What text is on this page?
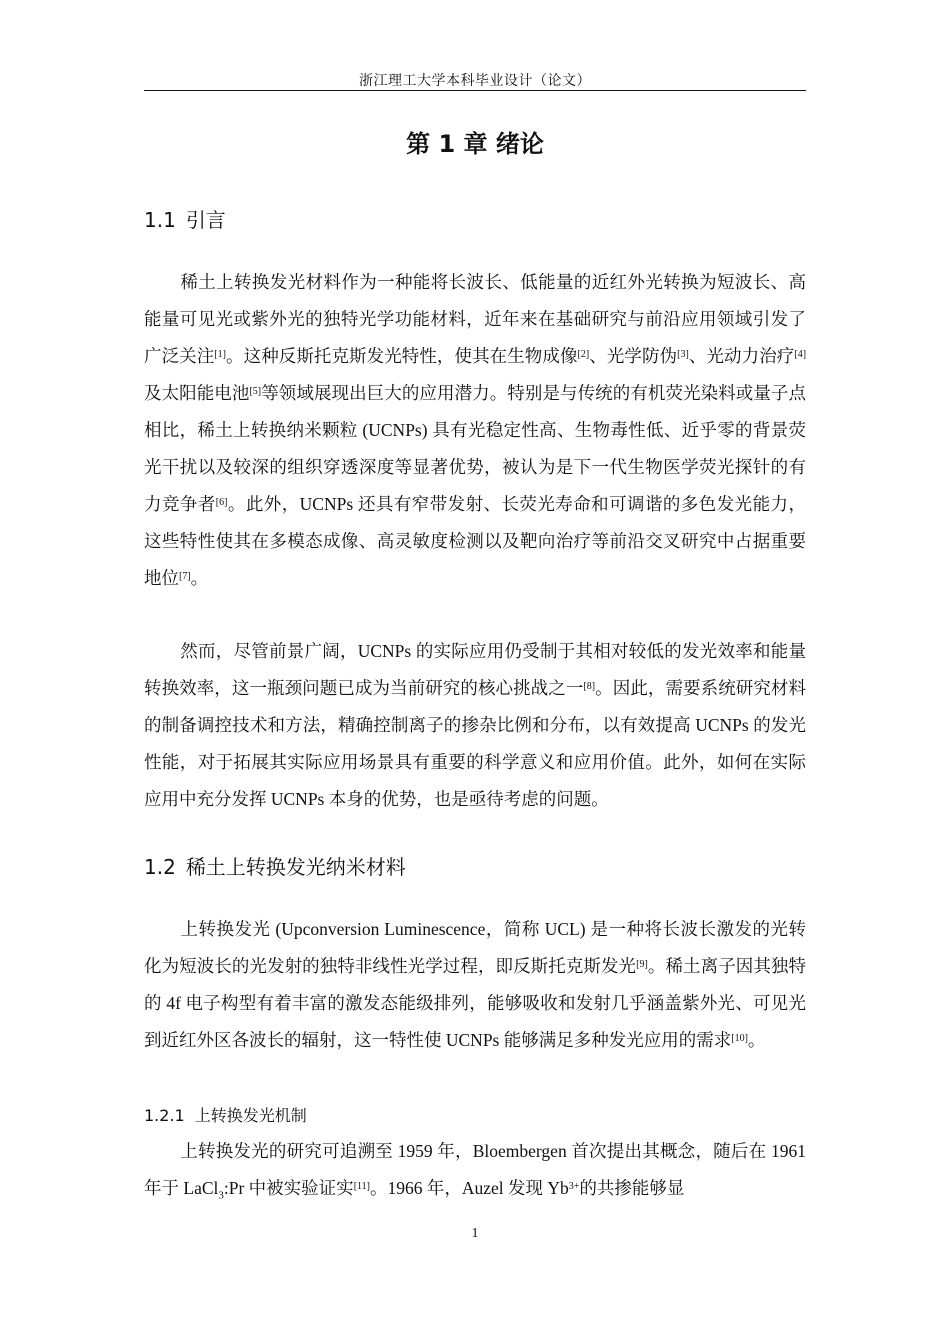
浙江理工大学本科毕业设计（论文）
第 1 章 绪论
1.1 引言

稀土上转换发光材料作为一种能将长波长、低能量的近红外光转换为短波长、高能量可见光或紫外光的独特光学功能材料，近年来在基础研究与前沿应用领域引发了广泛关注[1]。这种反斯托克斯发光特性，使其在生物成像[2]、光学防伪[3]、光动力治疗[4]及太阳能电池[5]等领域展现出巨大的应用潜力。特别是与传统的有机荧光染料或量子点相比，稀土上转换纳米颗粒 (UCNPs) 具有光稳定性高、生物毒性低、近乎零的背景荧光干扰以及较深的组织穿透深度等显著优势，被认为是下一代生物医学荧光探针的有力竞争者[6]。此外，UCNPs 还具有窄带发射、长荧光寿命和可调谐的多色发光能力，这些特性使其在多模态成像、高灵敏度检测以及靶向治疗等前沿交叉研究中占据重要地位[7]。

然而，尽管前景广阔，UCNPs 的实际应用仍受制于其相对较低的发光效率和能量转换效率，这一瓶颈问题已成为当前研究的核心挑战之一[8]。因此，需要系统研究材料的制备调控技术和方法，精确控制离子的掺杂比例和分布，以有效提高 UCNPs 的发光性能，对于拓展其实际应用场景具有重要的科学意义和应用价值。此外，如何在实际应用中充分发挥 UCNPs 本身的优势，也是亟待考虑的问题。

1.2 稀土上转换发光纳米材料

上转换发光 (Upconversion Luminescence，简称 UCL) 是一种将长波长激发的光转化为短波长的光发射的独特非线性光学过程，即反斯托克斯发光[9]。稀土离子因其独特的 4f 电子构型有着丰富的激发态能级排列，能够吸收和发射几乎涵盖紫外光、可见光到近红外区各波长的辐射，这一特性使 UCNPs 能够满足多种发光应用的需求[10]。

1.2.1 上转换发光机制

上转换发光的研究可追溯至 1959 年，Bloembergen 首次提出其概念，随后在 1961 年于 LaCl$_3$:Pr 中被实验证实[11]。1966 年，Auzel 发现 $Yb^{3+}$的共掺能够显

1
